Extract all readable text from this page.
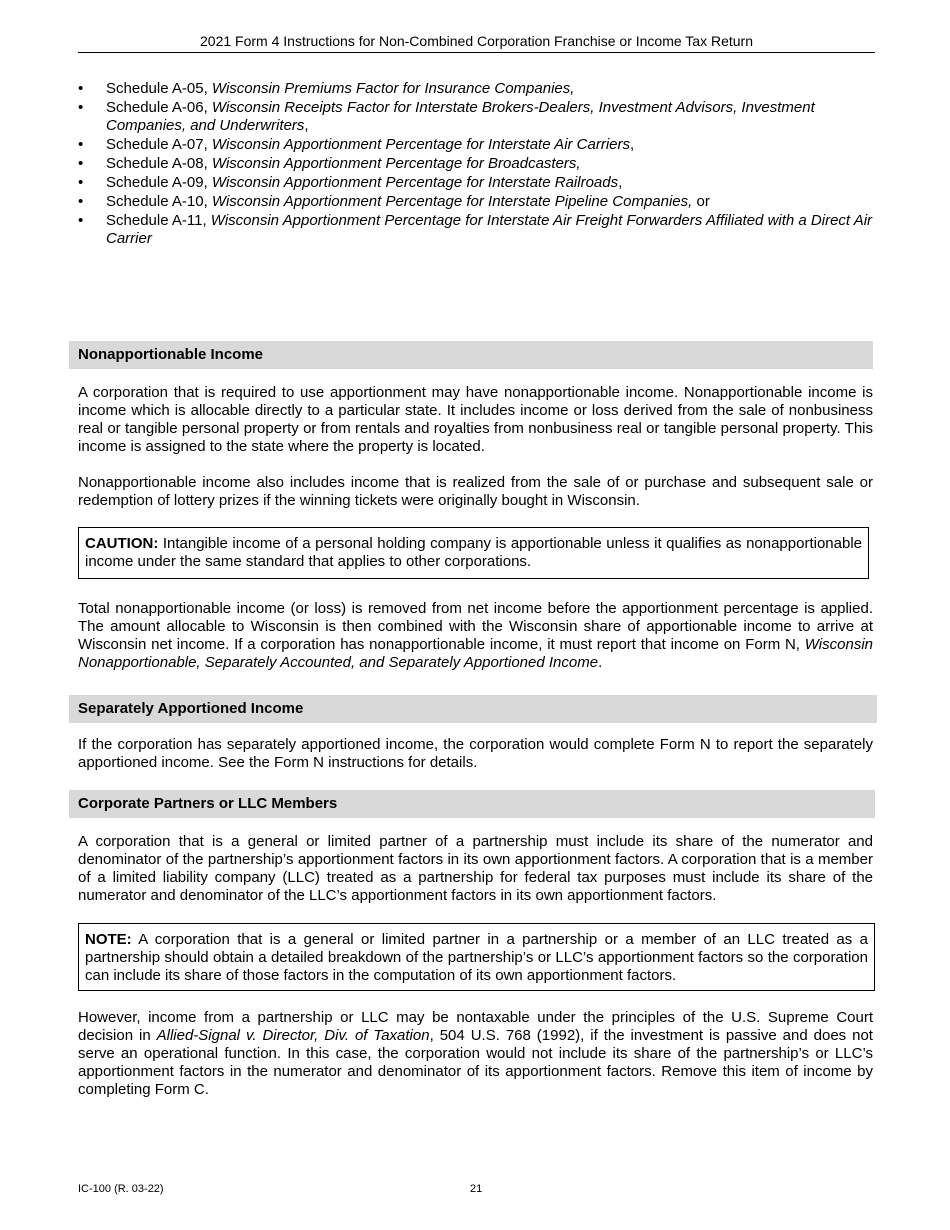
2021 Form 4 Instructions for Non-Combined Corporation Franchise or Income Tax Return
• Schedule A-05, Wisconsin Premiums Factor for Insurance Companies,
• Schedule A-06, Wisconsin Receipts Factor for Interstate Brokers-Dealers, Investment Advisors, Investment Companies, and Underwriters,
• Schedule A-07, Wisconsin Apportionment Percentage for Interstate Air Carriers,
• Schedule A-08, Wisconsin Apportionment Percentage for Broadcasters,
• Schedule A-09, Wisconsin Apportionment Percentage for Interstate Railroads,
• Schedule A-10, Wisconsin Apportionment Percentage for Interstate Pipeline Companies, or
• Schedule A-11, Wisconsin Apportionment Percentage for Interstate Air Freight Forwarders Affiliated with a Direct Air Carrier
Nonapportionable Income
A corporation that is required to use apportionment may have nonapportionable income. Nonapportionable income is income which is allocable directly to a particular state. It includes income or loss derived from the sale of nonbusiness real or tangible personal property or from rentals and royalties from nonbusiness real or tangible personal property. This income is assigned to the state where the property is located.
Nonapportionable income also includes income that is realized from the sale of or purchase and subsequent sale or redemption of lottery prizes if the winning tickets were originally bought in Wisconsin.
CAUTION: Intangible income of a personal holding company is apportionable unless it qualifies as nonapportionable income under the same standard that applies to other corporations.
Total nonapportionable income (or loss) is removed from net income before the apportionment percentage is applied. The amount allocable to Wisconsin is then combined with the Wisconsin share of apportionable income to arrive at Wisconsin net income. If a corporation has nonapportionable income, it must report that income on Form N, Wisconsin Nonapportionable, Separately Accounted, and Separately Apportioned Income.
Separately Apportioned Income
If the corporation has separately apportioned income, the corporation would complete Form N to report the separately apportioned income. See the Form N instructions for details.
Corporate Partners or LLC Members
A corporation that is a general or limited partner of a partnership must include its share of the numerator and denominator of the partnership’s apportionment factors in its own apportionment factors. A corporation that is a member of a limited liability company (LLC) treated as a partnership for federal tax purposes must include its share of the numerator and denominator of the LLC’s apportionment factors in its own apportionment factors.
NOTE: A corporation that is a general or limited partner in a partnership or a member of an LLC treated as a partnership should obtain a detailed breakdown of the partnership’s or LLC’s apportionment factors so the corporation can include its share of those factors in the computation of its own apportionment factors.
However, income from a partnership or LLC may be nontaxable under the principles of the U.S. Supreme Court decision in Allied-Signal v. Director, Div. of Taxation, 504 U.S. 768 (1992), if the investment is passive and does not serve an operational function. In this case, the corporation would not include its share of the partnership’s or LLC’s apportionment factors in the numerator and denominator of its apportionment factors. Remove this item of income by completing Form C.
IC-100 (R. 03-22)	21
